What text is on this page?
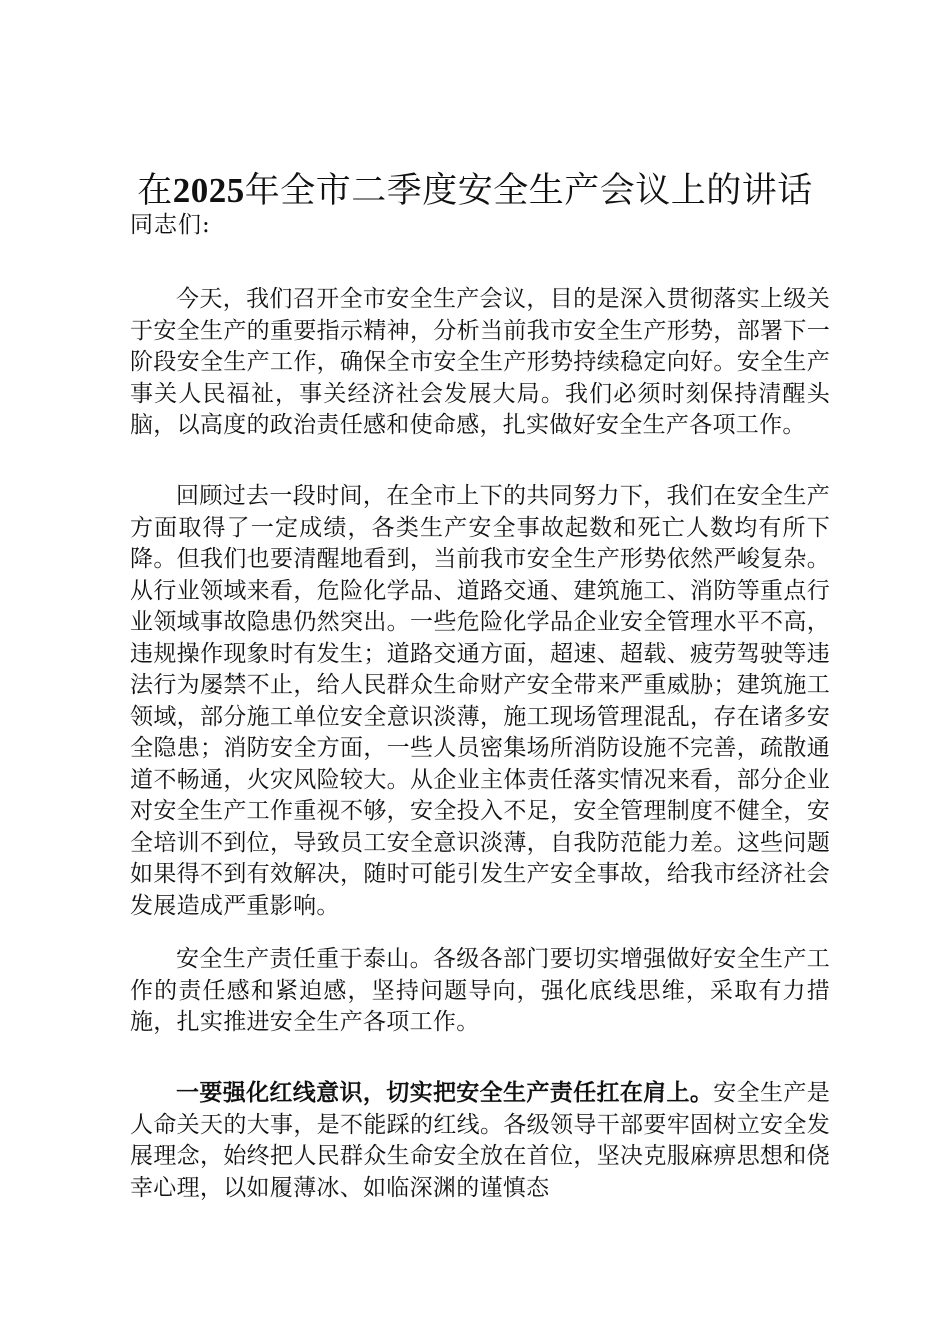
在2025年全市二季度安全生产会议上的讲话
同志们:

今天，我们召开全市安全生产会议，目的是深入贯彻落实上级关于安全生产的重要指示精神，分析当前我市安全生产形势，部署下一阶段安全生产工作，确保全市安全生产形势持续稳定向好。安全生产事关人民福祉，事关经济社会发展大局。我们必须时刻保持清醒头脑，以高度的政治责任感和使命感，扎实做好安全生产各项工作。

回顾过去一段时间，在全市上下的共同努力下，我们在安全生产方面取得了一定成绩，各类生产安全事故起数和死亡人数均有所下降。但我们也要清醒地看到，当前我市安全生产形势依然严峻复杂。从行业领域来看，危险化学品、道路交通、建筑施工、消防等重点行业领域事故隐患仍然突出。一些危险化学品企业安全管理水平不高，违规操作现象时有发生；道路交通方面，超速、超载、疲劳驾驶等违法行为屡禁不止，给人民群众生命财产安全带来严重威胁；建筑施工领域，部分施工单位安全意识淡薄，施工现场管理混乱，存在诸多安全隐患；消防安全方面，一些人员密集场所消防设施不完善，疏散通道不畅通，火灾风险较大。从企业主体责任落实情况来看，部分企业对安全生产工作重视不够，安全投入不足，安全管理制度不健全，安全培训不到位，导致员工安全意识淡薄，自我防范能力差。这些问题如果得不到有效解决，随时可能引发生产安全事故，给我市经济社会发展造成严重影响。

安全生产责任重于泰山。各级各部门要切实增强做好安全生产工作的责任感和紧迫感，坚持问题导向，强化底线思维，采取有力措施，扎实推进安全生产各项工作。

一要强化红线意识，切实把安全生产责任扛在肩上。安全生产是人命关天的大事，是不能踩的红线。各级领导干部要牢固树立安全发展理念，始终把人民群众生命安全放在首位，坚决克服麻痹思想和侥幸心理，以如履薄冰、如临深渊的谨慎态
